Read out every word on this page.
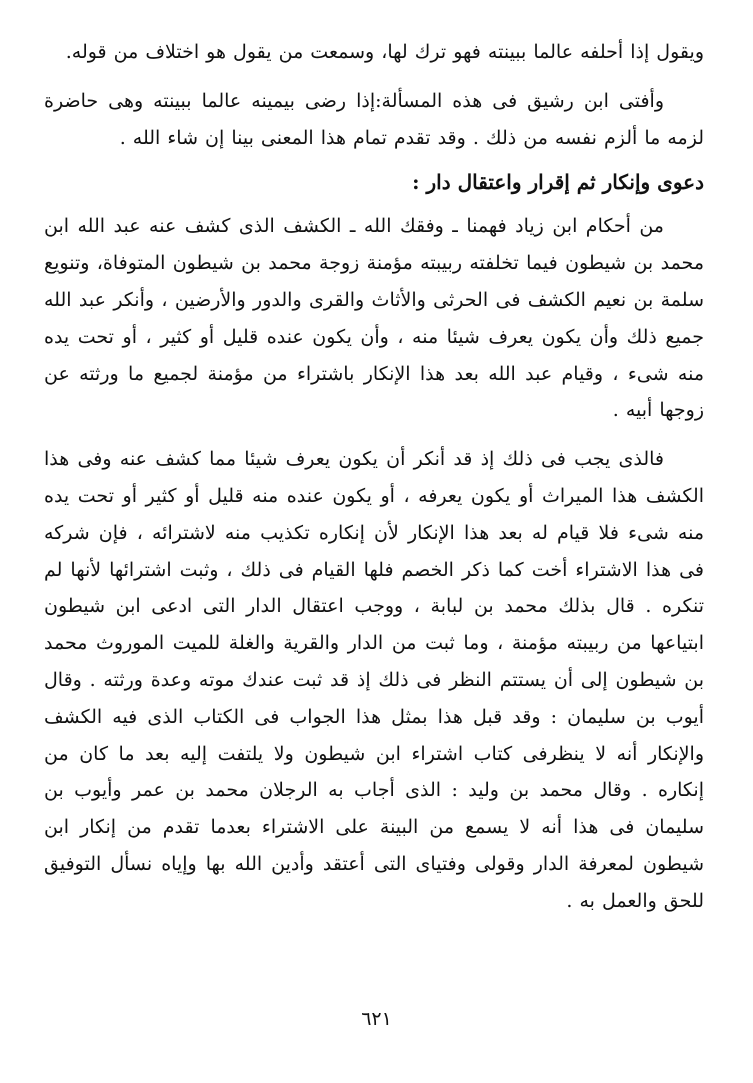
ويقول إذا أحلفه عالما ببينته فهو ترك لها، وسمعت من يقول هو اختلاف من قوله.

وأفتى ابن رشيق فى هذه المسألة:إذا رضى بيمينه عالما ببينته وهى حاضرة لزمه ما ألزم نفسه من ذلك . وقد تقدم تمام هذا المعنى بينا إن شاء الله .

دعوى وإنكار ثم إقرار واعتقال دار :

من أحكام ابن زياد فهمنا ـ وفقك الله ـ الكشف الذى كشف عنه عبد الله ابن محمد بن شيطون فيما تخلفته ربيبته مؤمنة زوجة محمد بن شيطون المتوفاة، وتنويع سلمة بن نعيم الكشف فى الحرثى والأثاث والقرى والدور والأرضين ، وأنكر عبد الله جميع ذلك وأن يكون يعرف شيئا منه ، وأن يكون عنده قليل أو كثير ، أو تحت يده منه شىء ، وقيام عبد الله بعد هذا الإنكار باشتراء من مؤمنة لجميع ما ورثته عن زوجها أبيه .

فالذى يجب فى ذلك إذ قد أنكر أن يكون يعرف شيئا مما كشف عنه وفى هذا الكشف هذا الميراث أو يكون يعرفه ، أو يكون عنده منه قليل أو كثير أو تحت يده منه شىء فلا قيام له بعد هذا الإنكار لأن إنكاره تكذيب منه لاشترائه ، فإن شركه فى هذا الاشتراء أخت كما ذكر الخصم فلها القيام فى ذلك ، وثبت اشترائها لأنها لم تنكره . قال بذلك محمد بن لبابة ، ووجب اعتقال الدار التى ادعى ابن شيطون ابتياعها من ربيبته مؤمنة ، وما ثبت من الدار والقرية والغلة للميت الموروث محمد بن شيطون إلى أن يستتم النظر فى ذلك إذ قد ثبت عندك موته وعدة ورثته . وقال أيوب بن سليمان : وقد قبل هذا بمثل هذا الجواب فى الكتاب الذى فيه الكشف والإنكار أنه لا ينظرفى كتاب اشتراء ابن شيطون ولا يلتفت إليه بعد ما كان من إنكاره . وقال محمد بن وليد : الذى أجاب به الرجلان محمد بن عمر وأيوب بن سليمان فى هذا أنه لا يسمع من البينة على الاشتراء بعدما تقدم من إنكار ابن شيطون لمعرفة الدار وقولى وفتياى التى أعتقد وأدين الله بها وإياه نسأل التوفيق للحق والعمل به .

٦٢١
